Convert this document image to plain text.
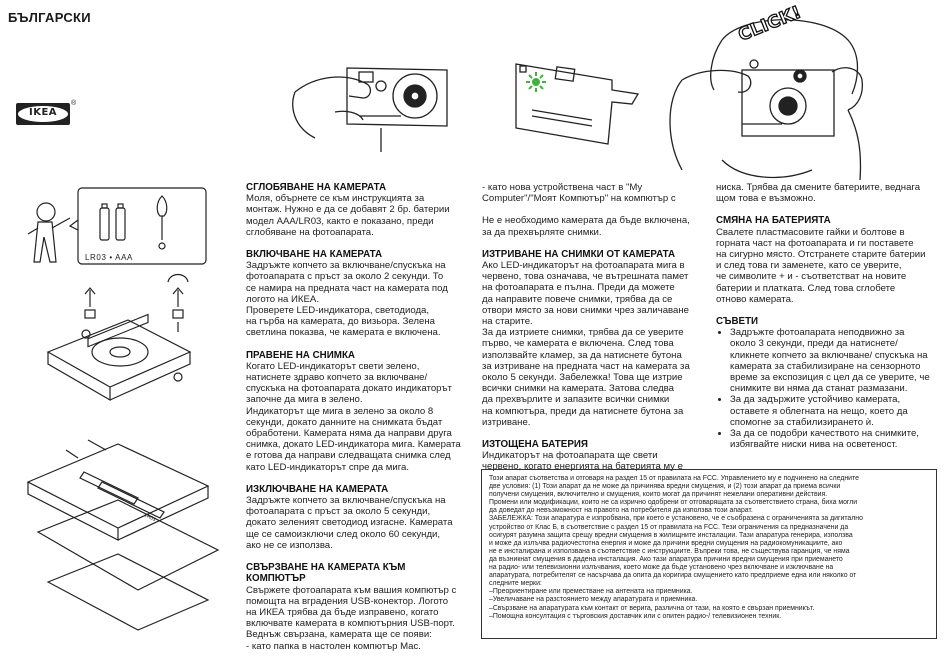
БЪЛГАРСКИ
IKEA
®
LR03 • AAA
LR03
CLICK!
СГЛОБЯВАНЕ НА КАМЕРАТА

Моля, обърнете се към инструкцията за
монтаж. Нужно е да се добавят 2 бр. батерии
модел AAA/LR03, както е показано, преди
сглобяване на фотоапарата.

ВКЛЮЧВАНЕ НА КАМЕРАТА

Задръжте копчето за включване/спускъка на
фотоапарата с пръст за около 2 секунди. То
се намира на предната част на камерата под
логото на ИКЕА.
Проверете LED-индикатора, светодиода,
на гърба на камерата, до визьора. Зелена
светлина показва, че камерата е включена.

ПРАВЕНЕ НА СНИМКА

Когато LED-индикаторът свети зелено,
натиснете здраво копчето за включване/
спускъка на фотоапарата докато индикаторът
започне да мига в зелено.
Индикаторът ще мига в зелено за около 8
секунди, докато данните на снимката бъдат
обработени. Камерата няма да направи друга
снимка, докато LED-индикатора мига. Камерата
е готова да направи следващата снимка след
като LED-индикаторът спре да мига.

ИЗКЛЮЧВАНЕ НА КАМЕРАТА

Задръжте копчето за включване/спускъка на
фотоапарата с пръст за около 5 секунди,
докато зеленият светодиод изгасне. Камерата
ще се самоизключи след около 60 секунди,
ако не се използва.

СВЪРЗВАНЕ НА КАМЕРАТА КЪМ
КОМПЮТЪР

Свържете фотоапарата към вашия компютър с
помощта на вградения USB-конектор. Логото
на ИКЕА трябва да бъде изправено, когато
включвате камерата в компютърния USB-порт.
Веднъж свързана, камерата ще се появи:
- като папка в настолен компютър Mac.

- като нова устройствена част в "My
Computer"/"Моят Компютър" на компютър с

Не е необходимо камерата да бъде включена,
за да прехвърляте снимки.

ИЗТРИВАНЕ НА СНИМКИ ОТ КАМЕРАТА

Ако LED-индикаторът на фотоапарата мига в
червено, това означава, че вътрешната памет
на фотоапарата е пълна. Преди да можете
да направите повече снимки, трябва да се
отвори място за нови снимки чрез заличаване
на старите.
За да изтриете снимки, трябва да се уверите
първо, че камерата е включена. След това
използвайте кламер, за да натиснете бутона
за изтриване на предната част на камерата за
около 5 секунди. Забележка! Това ще изтрие
всички снимки на камерата. Затова следва
да прехвърлите и запазите всички снимки
на компютъра, преди да натиснете бутона за
изтриване.

ИЗТОЩЕНА БАТЕРИЯ

Индикаторът на фотоапарата ще свети
червено, когато енергията на батерията му е

ниска. Трябва да смените батериите, веднага
щом това е възможно.

СМЯНА НА БАТЕРИЯТА

Свалете пластмасовите гайки и болтове в
горната част на фотоапарата и ги поставете
на сигурно място. Отстранете старите батерии
и след това ги заменете, като се уверите,
че символите + и - съответстват на новите
батерии и платката. След това сглобете
отново камерата.

СЪВЕТИ

• Задръжте фотоапарата неподвижно за
около 3 секунди, преди да натиснете/
кликнете копчето за включване/ спускъка на
камерата за стабилизиране на сензорното
време за експозиция с цел да се уверите, че
снимките ви няма да станат размазани.

• За да задържите устойчиво камерата,
оставете я облегната на нещо, което да
спомогне за стабилизирането ѝ.

• За да се подобри качеството на снимките,
избягвайте ниски нива на осветеност.

Този апарат съответства и отговаря на раздел 15 от правилата на FCC. Управлението му е подчинено на следните
две условия: (1) Този апарат да не може да причинява вредни смущения, и (2) този апарат да приема всички
получени смущения, включително и смущения, които могат да причинят нежелани оперативни действия.
Промени или модификации, които не са изрично одобрени от отговарящата за съответствието страна, биха могли
да доведат до невъзможност на правото на потребителя да използва този апарат.
ЗАБЕЛЕЖКА: Този апаратура е изпробвана, при което е установено, че е съобразена с ограниченията за дигитално
устройство от Клас Б, в съответствие с раздел 15 от правилата на FCC. Тези ограничения са предназначени да
осигурят разумна защита срещу вредни смущения в жилищните инсталации. Тази апаратура генерира, използва
и може да излъчва радиочестотна енергия и може да причини вредни смущения на радиокомуникациите, ако
не е инсталирана и използвана в съответствие с инструкциите. Въпреки това, не съществува гаранция, че няма
да възникнат смущения в дадена инсталация. Ако тази апаратура причини вредни смущения при приемането
на радио- или телевизионни излъчвания, което може да бъде установено чрез включване и изключване на
апаратурата, потребителят се насърчава да опита да коригира смущението като предприеме една или няколко от
следните мерки:
–Преориентиране или преместване на антената на приемника.
–Увеличаване на разстоянието между апаратурата и приемника.
–Свързване на апаратурата към контакт от верига, различна от тази, на която е свързан приемникът.
–Помощна консултация с търговския доставчик или с опитен радио-/ телевизионен техник.
